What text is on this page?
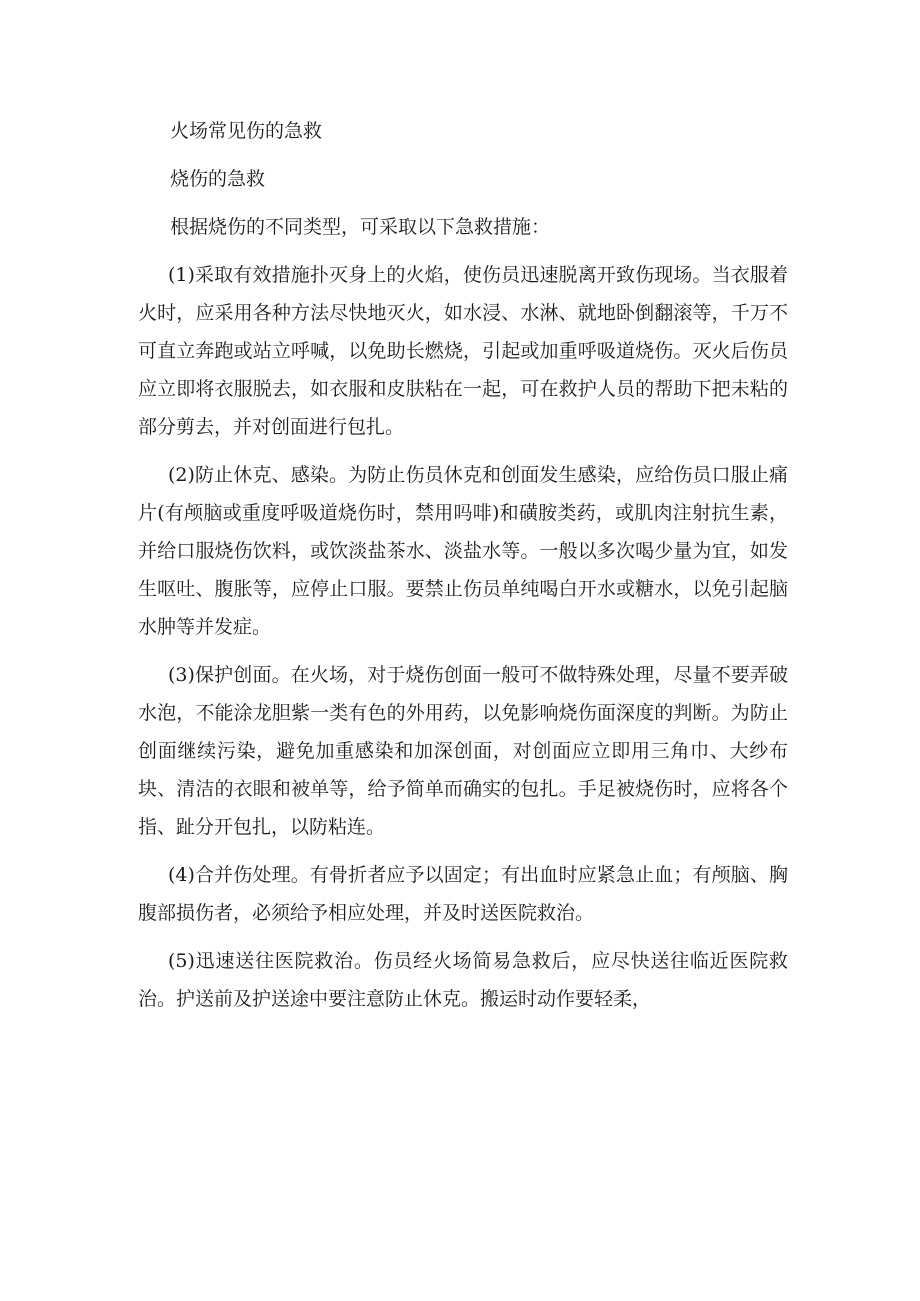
火场常见伤的急救
烧伤的急救

根据烧伤的不同类型，可采取以下急救措施：

(1)采取有效措施扑灭身上的火焰，使伤员迅速脱离开致伤现场。当衣服着火时，应采用各种方法尽快地灭火，如水浸、水淋、就地卧倒翻滚等，千万不可直立奔跑或站立呼喊，以免助长燃烧，引起或加重呼吸道烧伤。灭火后伤员应立即将衣服脱去，如衣服和皮肤粘在一起，可在救护人员的帮助下把未粘的部分剪去，并对创面进行包扎。

(2)防止休克、感染。为防止伤员休克和创面发生感染，应给伤员口服止痛片(有颅脑或重度呼吸道烧伤时，禁用吗啡)和磺胺类药，或肌肉注射抗生素，并给口服烧伤饮料，或饮淡盐茶水、淡盐水等。一般以多次喝少量为宜，如发生呕吐、腹胀等，应停止口服。要禁止伤员单纯喝白开水或糖水，以免引起脑水肿等并发症。

(3)保护创面。在火场，对于烧伤创面一般可不做特殊处理，尽量不要弄破水泡，不能涂龙胆紫一类有色的外用药，以免影响烧伤面深度的判断。为防止创面继续污染，避免加重感染和加深创面，对创面应立即用三角巾、大纱布块、清洁的衣眼和被单等，给予简单而确实的包扎。手足被烧伤时，应将各个指、趾分开包扎，以防粘连。

(4)合并伤处理。有骨折者应予以固定；有出血时应紧急止血；有颅脑、胸腹部损伤者，必须给予相应处理，并及时送医院救治。

(5)迅速送往医院救治。伤员经火场简易急救后，应尽快送往临近医院救治。护送前及护送途中要注意防止休克。搬运时动作要轻柔，
